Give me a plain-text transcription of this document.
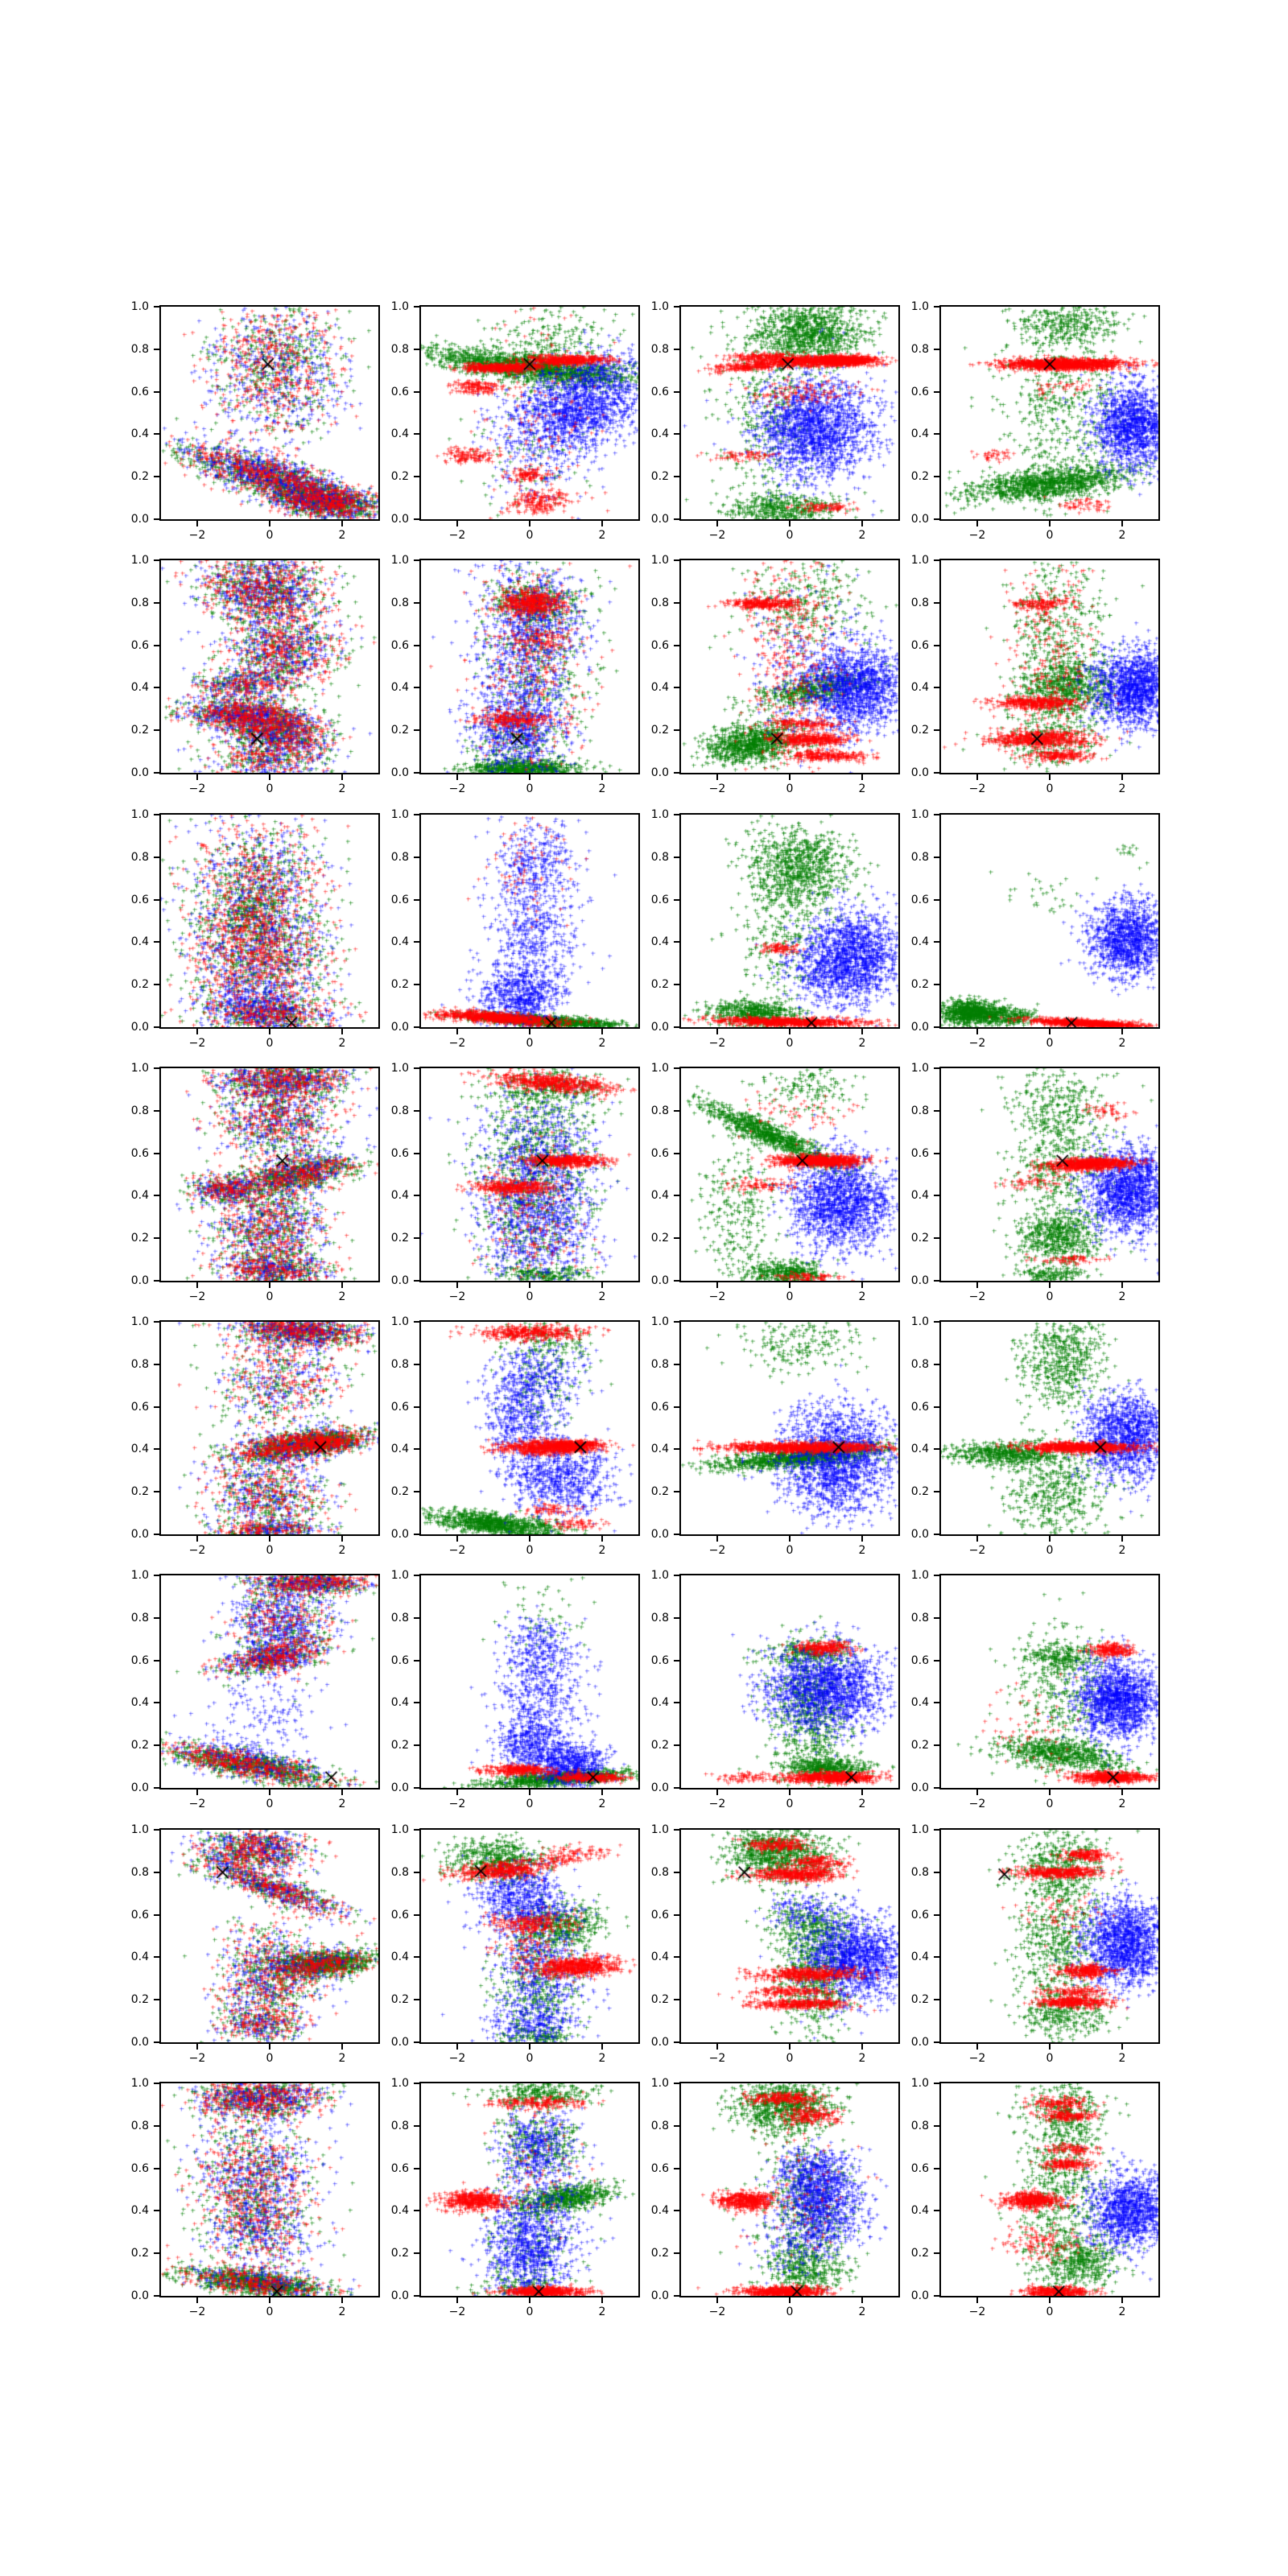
−2	0	2
0.0
0.2
0.4
0.6
0.8
1.0
−2	0	2
0.0
0.2
0.4
0.6
0.8
1.0
−2	0	2
0.0
0.2
0.4
0.6
0.8
1.0
−2	0	2
0.0
0.2
0.4
0.6
0.8
1.0
−2	0	2
0.0
0.2
0.4
0.6
0.8
1.0
−2	0	2
0.0
0.2
0.4
0.6
0.8
1.0
−2	0	2
0.0
0.2
0.4
0.6
0.8
1.0
−2	0	2
0.0
0.2
0.4
0.6
0.8
1.0
−2	0	2
0.0
0.2
0.4
0.6
0.8
1.0
−2	0	2
0.0
0.2
0.4
0.6
0.8
1.0
−2	0	2
0.0
0.2
0.4
0.6
0.8
1.0
−2	0	2
0.0
0.2
0.4
0.6
0.8
1.0
−2	0	2
0.0
0.2
0.4
0.6
0.8
1.0
−2	0	2
0.0
0.2
0.4
0.6
0.8
1.0
−2	0	2
0.0
0.2
0.4
0.6
0.8
1.0
−2	0	2
0.0
0.2
0.4
0.6
0.8
1.0
−2	0	2
0.0
0.2
0.4
0.6
0.8
1.0
−2	0	2
0.0
0.2
0.4
0.6
0.8
1.0
−2	0	2
0.0
0.2
0.4
0.6
0.8
1.0
−2	0	2
0.0
0.2
0.4
0.6
0.8
1.0
−2	0	2
0.0
0.2
0.4
0.6
0.8
1.0
−2	0	2
0.0
0.2
0.4
0.6
0.8
1.0
−2	0	2
0.0
0.2
0.4
0.6
0.8
1.0
−2	0	2
0.0
0.2
0.4
0.6
0.8
1.0
−2	0	2
0.0
0.2
0.4
0.6
0.8
1.0
−2	0	2
0.0
0.2
0.4
0.6
0.8
1.0
−2	0	2
0.0
0.2
0.4
0.6
0.8
1.0
−2	0	2
0.0
0.2
0.4
0.6
0.8
1.0
−2	0	2
0.0
0.2
0.4
0.6
0.8
1.0
−2	0	2
0.0
0.2
0.4
0.6
0.8
1.0
−2	0	2
0.0
0.2
0.4
0.6
0.8
1.0
−2	0	2
0.0
0.2
0.4
0.6
0.8
1.0
